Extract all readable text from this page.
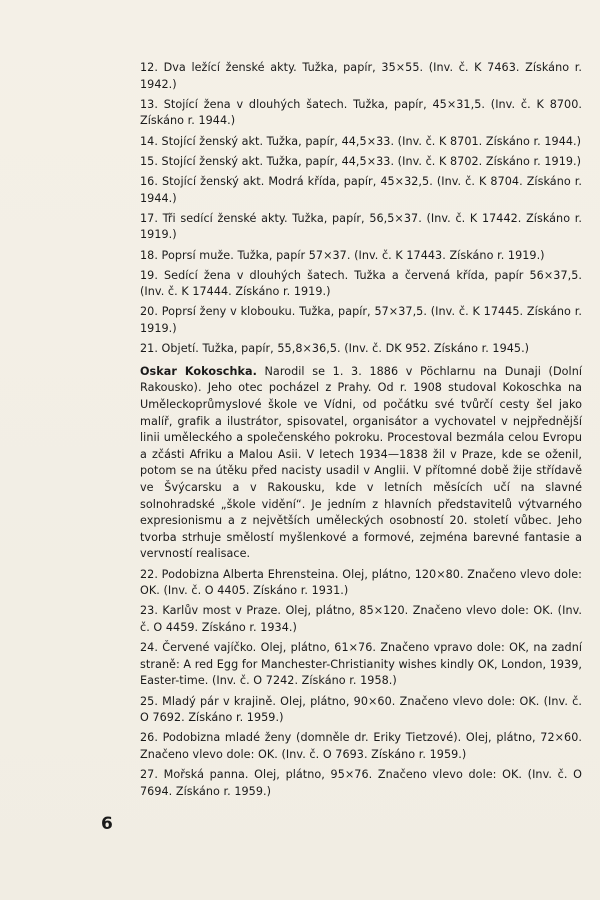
12. Dva ležící ženské akty. Tužka, papír, 35×55. (Inv. č. K 7463. Získáno r. 1942.)

13. Stojící žena v dlouhých šatech. Tužka, papír, 45×31,5. (Inv. č. K 8700. Získáno r. 1944.)

14. Stojící ženský akt. Tužka, papír, 44,5×33. (Inv. č. K 8701. Získáno r. 1944.)

15. Stojící ženský akt. Tužka, papír, 44,5×33. (Inv. č. K 8702. Získáno r. 1919.)

16. Stojící ženský akt. Modrá křída, papír, 45×32,5. (Inv. č. K 8704. Získáno r. 1944.)

17. Tři sedící ženské akty. Tužka, papír, 56,5×37. (Inv. č. K 17442. Získáno r. 1919.)

18. Poprsí muže. Tužka, papír 57×37. (Inv. č. K 17443. Získáno r. 1919.)

19. Sedící žena v dlouhých šatech. Tužka a červená křída, papír 56×37,5. (Inv. č. K 17444. Získáno r. 1919.)

20. Poprsí ženy v klobouku. Tužka, papír, 57×37,5. (Inv. č. K 17445. Získáno r. 1919.)

21. Objetí. Tužka, papír, 55,8×36,5. (Inv. č. DK 952. Získáno r. 1945.)

Oskar Kokoschka. Narodil se 1. 3. 1886 v Pöchlarnu na Dunaji (Dolní Rakousko). Jeho otec pocházel z Prahy. Od r. 1908 studoval Kokoschka na Uměleckoprůmyslové škole ve Vídni, od počátku své tvůrčí cesty šel jako malíř, grafik a ilustrátor, spisovatel, organisátor a vychovatel v nejpřednější linii uměleckého a společenského pokroku. Procestoval bezmála celou Evropu a zčásti Afriku a Malou Asii. V letech 1934—1838 žil v Praze, kde se oženil, potom se na útěku před nacisty usadil v Anglii. V přítomné době žije střídavě ve Švýcarsku a v Rakousku, kde v letních měsících učí na slavné solnohradské „škole vidění“. Je jedním z hlavních představitelů výtvarného expresionismu a z největších uměleckých osobností 20. století vůbec. Jeho tvorba strhuje smělostí myšlenkové a formové, zejména barevné fantasie a vervností realisace.

22. Podobizna Alberta Ehrensteina. Olej, plátno, 120×80. Značeno vlevo dole: OK. (Inv. č. O 4405. Získáno r. 1931.)

23. Karlův most v Praze. Olej, plátno, 85×120. Značeno vlevo dole: OK. (Inv. č. O 4459. Získáno r. 1934.)

24. Červené vajíčko. Olej, plátno, 61×76. Značeno vpravo dole: OK, na zadní straně: A red Egg for Manchester-Christianity wishes kindly OK, London, 1939, Easter-time. (Inv. č. O 7242. Získáno r. 1958.)

25. Mladý pár v krajině. Olej, plátno, 90×60. Značeno vlevo dole: OK. (Inv. č. O 7692. Získáno r. 1959.)

26. Podobizna mladé ženy (domněle dr. Eriky Tietzové). Olej, plátno, 72×60. Značeno vlevo dole: OK. (Inv. č. O 7693. Získáno r. 1959.)

27. Mořská panna. Olej, plátno, 95×76. Značeno vlevo dole: OK. (Inv. č. O 7694. Získáno r. 1959.)

6
